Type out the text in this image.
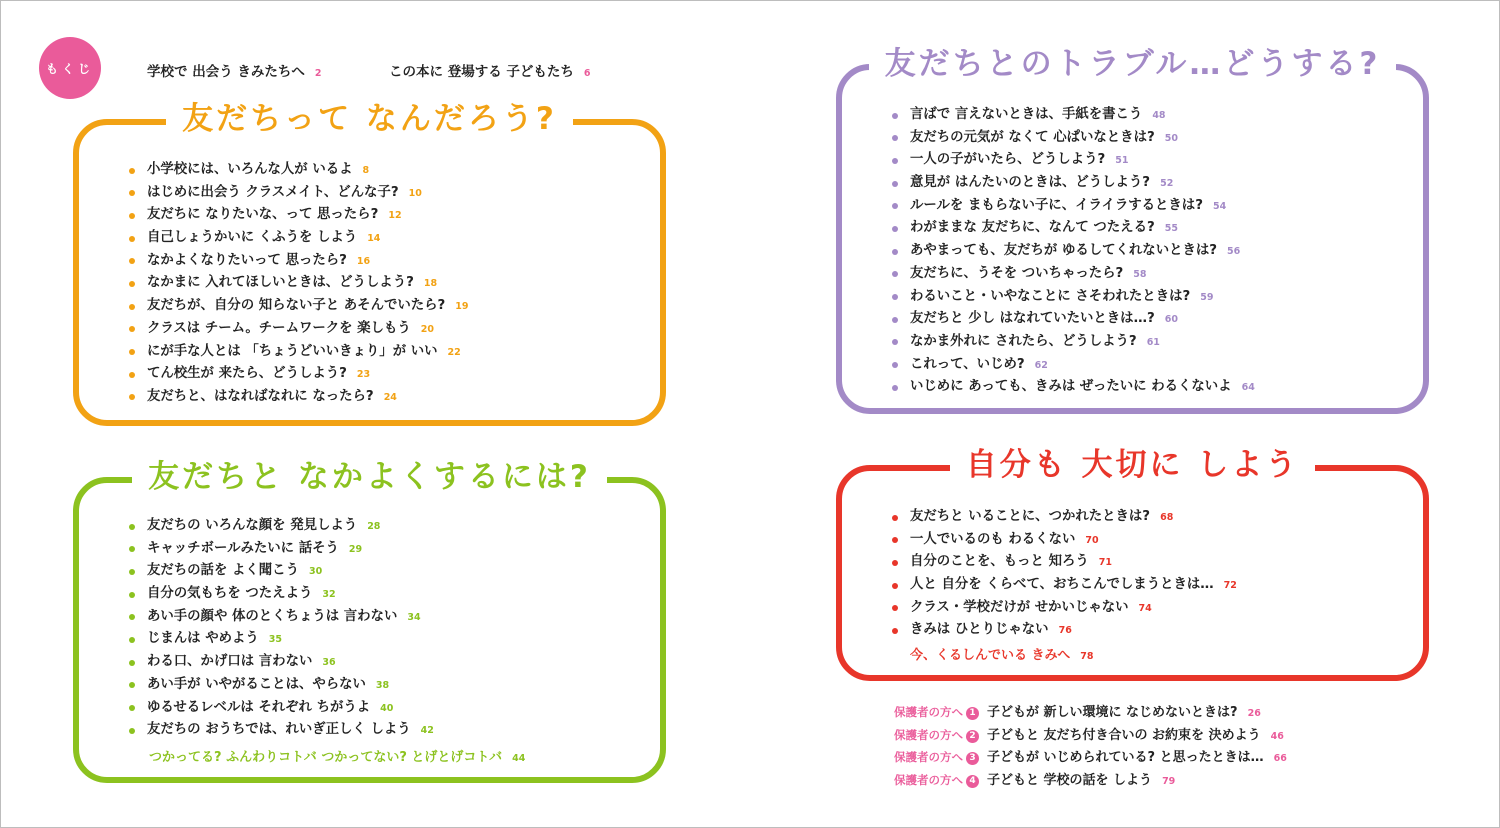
もくじ	学校で 出会う きみたちへ 2	この本に 登場する 子どもたち 6
友だちって なんだろう?
小学校には、いろんな人が いるよ 8
はじめに出会う クラスメイト、どんな子? 10
友だちに なりたいな、って 思ったら? 12
自己しょうかいに くふうを しよう 14
なかよくなりたいって 思ったら? 16
なかまに 入れてほしいときは、どうしよう? 18
友だちが、自分の 知らない子と あそんでいたら? 19
クラスは チーム。チームワークを 楽しもう 20
にが手な人とは 「ちょうどいいきょり」が いい 22
てん校生が 来たら、どうしよう? 23
友だちと、はなればなれに なったら? 24
友だちと なかよくするには?
友だちの いろんな顔を 発見しよう 28
キャッチボールみたいに 話そう 29
友だちの話を よく聞こう 30
自分の気もちを つたえよう 32
あい手の顔や 体のとくちょうは 言わない 34
じまんは やめよう 35
わる口、かげ口は 言わない 36
あい手が いやがることは、やらない 38
ゆるせるレベルは それぞれ ちがうよ 40
友だちの おうちでは、れいぎ正しく しよう 42
つかってる? ふんわりコトバ つかってない? とげとげコトバ 44
友だちとのトラブル…どうする?
言ばで 言えないときは、手紙を書こう 48
友だちの元気が なくて 心ぱいなときは? 50
一人の子がいたら、どうしよう? 51
意見が はんたいのときは、どうしよう? 52
ルールを まもらない子に、イライラするときは? 54
わがままな 友だちに、なんて つたえる? 55
あやまっても、友だちが ゆるしてくれないときは? 56
友だちに、うそを ついちゃったら? 58
わるいこと・いやなことに さそわれたときは? 59
友だちと 少し はなれていたいときは…? 60
なかま外れに されたら、どうしよう? 61
これって、いじめ? 62
いじめに あっても、きみは ぜったいに わるくないよ 64
自分も 大切に しよう
友だちと いることに、つかれたときは? 68
一人でいるのも わるくない 70
自分のことを、もっと 知ろう 71
人と 自分を くらべて、おちこんでしまうときは… 72
クラス・学校だけが せかいじゃない 74
きみは ひとりじゃない 76
今、くるしんでいる きみへ 78
保護者の方へ 1 子どもが 新しい環境に なじめないときは? 26
保護者の方へ 2 子どもと 友だち付き合いの お約束を 決めよう 46
保護者の方へ 3 子どもが いじめられている? と思ったときは… 66
保護者の方へ 4 子どもと 学校の話を しよう 79
